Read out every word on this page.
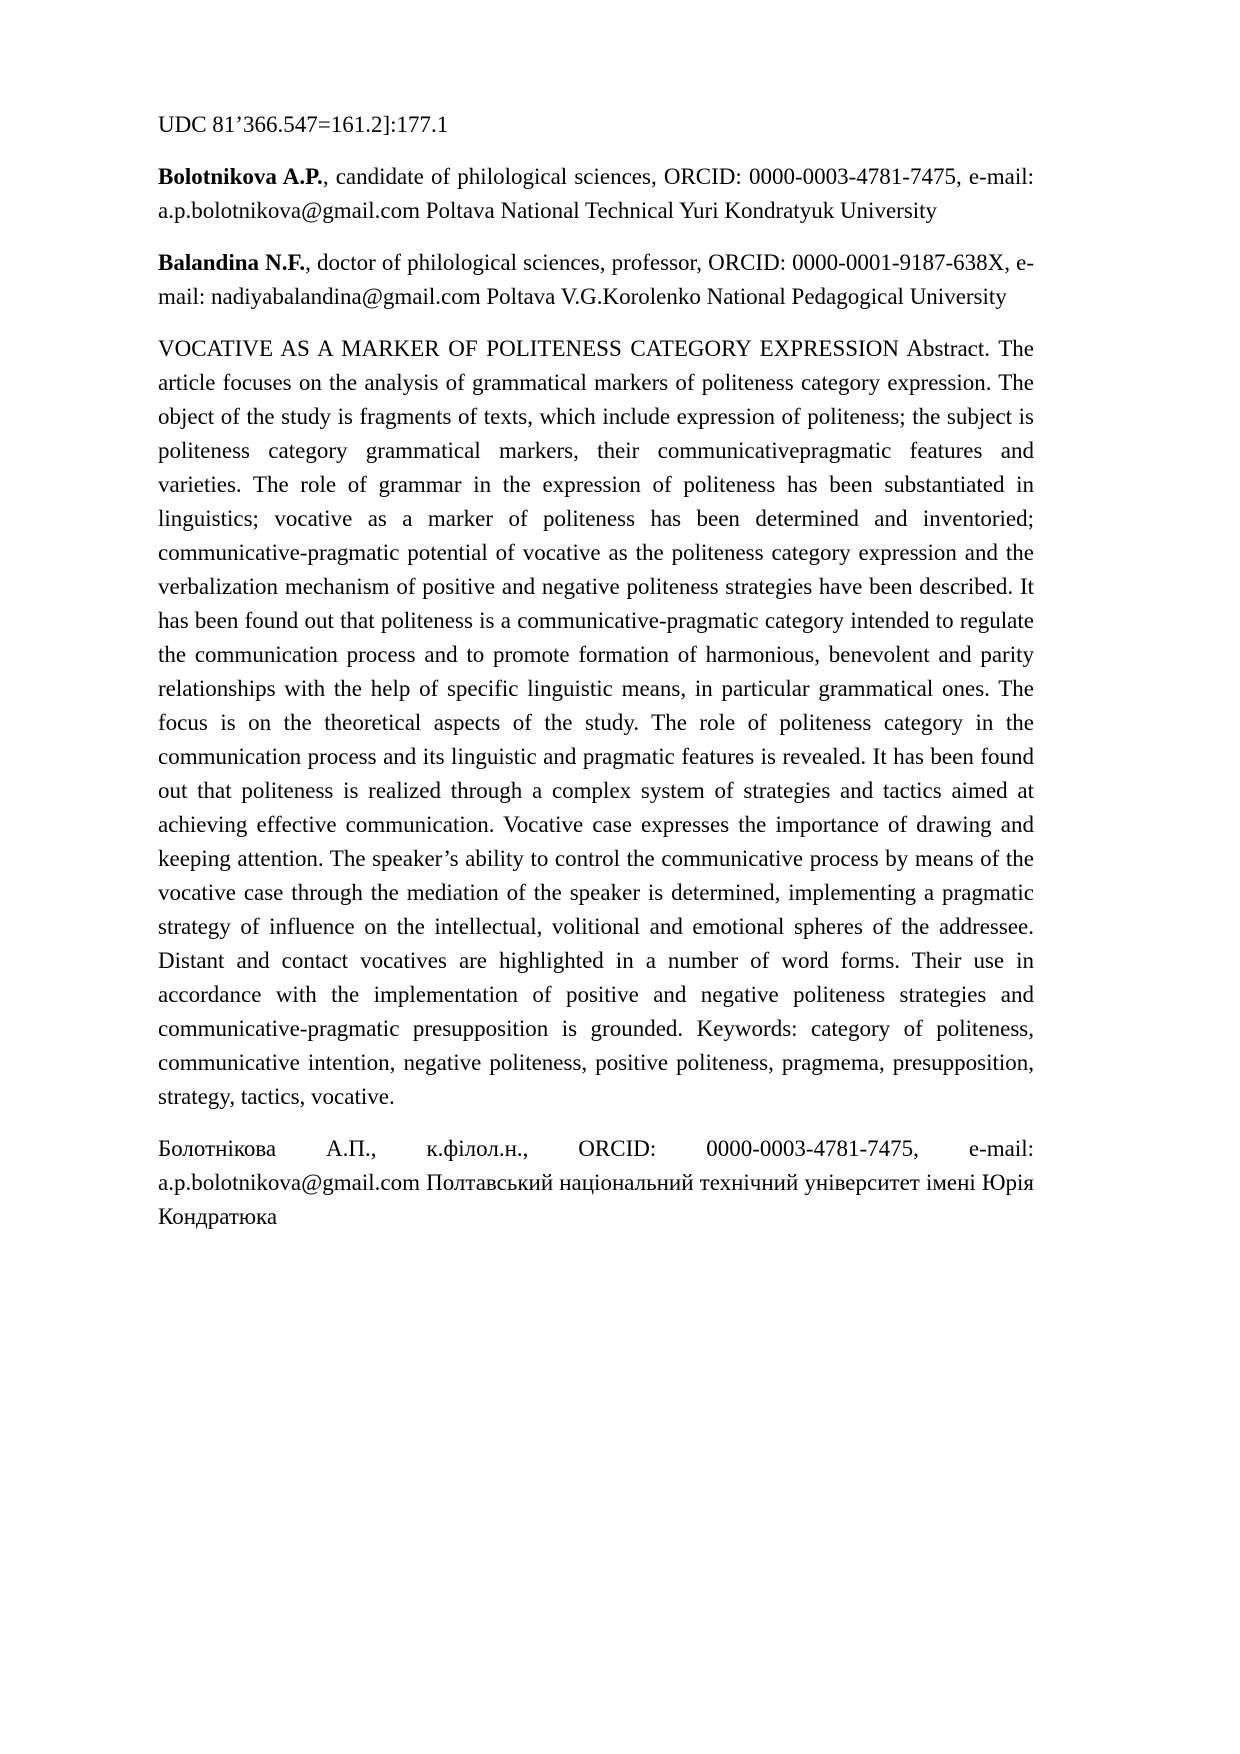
UDC 81’366.547=161.2]:177.1

Bolotnikova A.P., candidate of philological sciences, ORCID: 0000-0003-4781-7475, e-mail: a.p.bolotnikova@gmail.com Poltava National Technical Yuri Kondratyuk University

Balandina N.F., doctor of philological sciences, professor, ORCID: 0000-0001-9187-638X, e-mail: nadiyabalandina@gmail.com Poltava V.G.Korolenko National Pedagogical University

VOCATIVE AS A MARKER OF POLITENESS CATEGORY EXPRESSION Abstract. The article focuses on the analysis of grammatical markers of politeness category expression. The object of the study is fragments of texts, which include expression of politeness; the subject is politeness category grammatical markers, their communicativepragmatic features and varieties. The role of grammar in the expression of politeness has been substantiated in linguistics; vocative as a marker of politeness has been determined and inventoried; communicative-pragmatic potential of vocative as the politeness category expression and the verbalization mechanism of positive and negative politeness strategies have been described. It has been found out that politeness is a communicative-pragmatic category intended to regulate the communication process and to promote formation of harmonious, benevolent and parity relationships with the help of specific linguistic means, in particular grammatical ones. The focus is on the theoretical aspects of the study. The role of politeness category in the communication process and its linguistic and pragmatic features is revealed. It has been found out that politeness is realized through a complex system of strategies and tactics aimed at achieving effective communication. Vocative case expresses the importance of drawing and keeping attention. The speaker’s ability to control the communicative process by means of the vocative case through the mediation of the speaker is determined, implementing a pragmatic strategy of influence on the intellectual, volitional and emotional spheres of the addressee. Distant and contact vocatives are highlighted in a number of word forms. Their use in accordance with the implementation of positive and negative politeness strategies and communicative-pragmatic presupposition is grounded. Keywords: category of politeness, communicative intention, negative politeness, positive politeness, pragmema, presupposition, strategy, tactics, vocative.

Болотнікова А.П., к.філол.н., ORCID: 0000-0003-4781-7475, e-mail: a.p.bolotnikova@gmail.com Полтавський національний технічний університет імені Юрія Кондратюка
